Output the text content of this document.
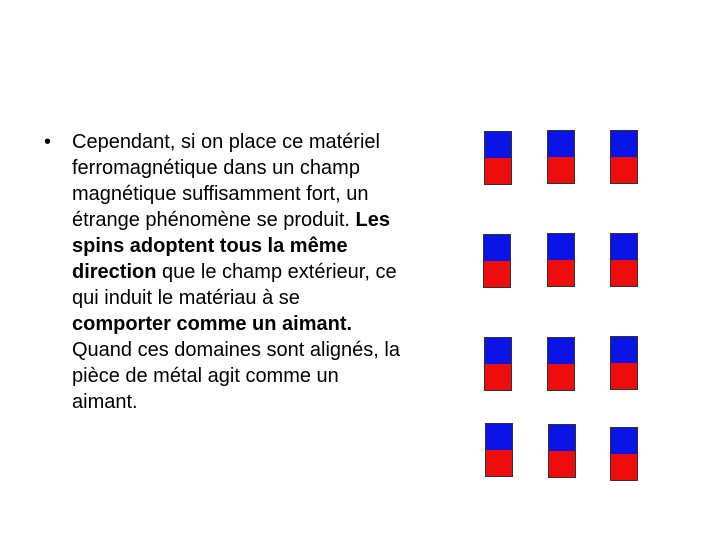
• Cependant, si on place ce matériel ferromagnétique dans un champ magnétique suffisamment fort, un étrange phénomène se produit. Les spins adoptent tous la même direction que le champ extérieur, ce qui induit le matériau à se comporter comme un aimant. Quand ces domaines sont alignés, la pièce de métal agit comme un aimant.
